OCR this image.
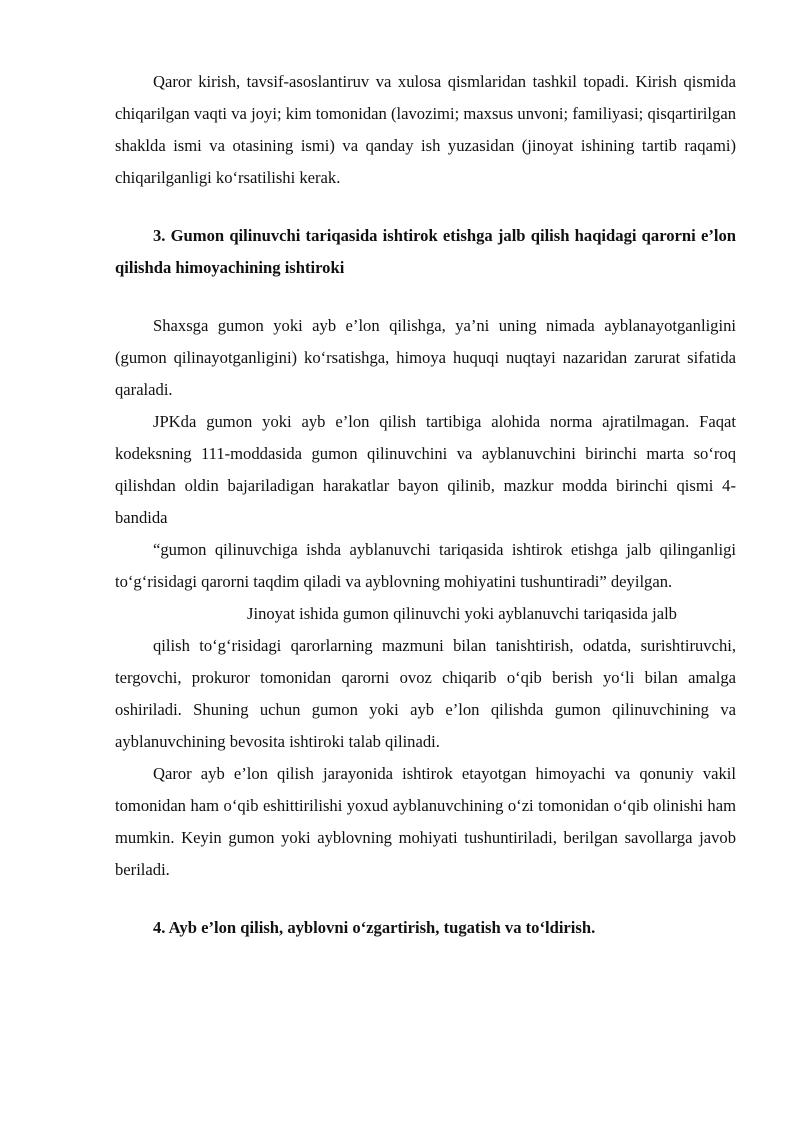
Qaror kirish, tavsif-asoslantiruv va xulosa qismlaridan tashkil topadi. Kirish qismida chiqarilgan vaqti va joyi; kim tomonidan (lavozimi; maxsus unvoni; familiyasi; qisqartirilgan shaklda ismi va otasining ismi) va qanday ish yuzasidan (jinoyat ishining tartib raqami) chiqarilganligi ko‘rsatilishi kerak.

3. Gumon qilinuvchi tariqasida ishtirok etishga jalb qilish haqidagi qarorni e’lon qilishda himoyachining ishtiroki

Shaxsga gumon yoki ayb e’lon qilishga, ya’ni uning nimada ayblanayotganligini (gumon qilinayotganligini) ko‘rsatishga, himoya huquqi nuqtayi nazaridan zarurat sifatida qaraladi.

JPKda gumon yoki ayb e’lon qilish tartibiga alohida norma ajratilmagan. Faqat kodeksning 111-moddasida gumon qilinuvchini va ayblanuvchini birinchi marta so‘roq qilishdan oldin bajariladigan harakatlar bayon qilinib, mazkur modda birinchi qismi 4-bandida

“gumon qilinuvchiga ishda ayblanuvchi tariqasida ishtirok etishga jalb qilinganligi to‘g‘risidagi qarorni taqdim qiladi va ayblovning mohiyatini tushuntiradi” deyilgan.

Jinoyat ishida gumon qilinuvchi yoki ayblanuvchi tariqasida jalb

qilish to‘g‘risidagi qarorlarning mazmuni bilan tanishtirish, odatda, surishtiruvchi, tergovchi, prokuror tomonidan qarorni ovoz chiqarib o‘qib berish yo‘li bilan amalga oshiriladi. Shuning uchun gumon yoki ayb e’lon qilishda gumon qilinuvchining va ayblanuvchining bevosita ishtiroki talab qilinadi.

Qaror ayb e’lon qilish jarayonida ishtirok etayotgan himoyachi va qonuniy vakil tomonidan ham o‘qib eshittirilishi yoxud ayblanuvchining o‘zi tomonidan o‘qib olinishi ham mumkin. Keyin gumon yoki ayblovning mohiyati tushuntiriladi, berilgan savollarga javob beriladi.

4. Ayb e’lon qilish, ayblovni o‘zgartirish, tugatish va to‘ldirish.
